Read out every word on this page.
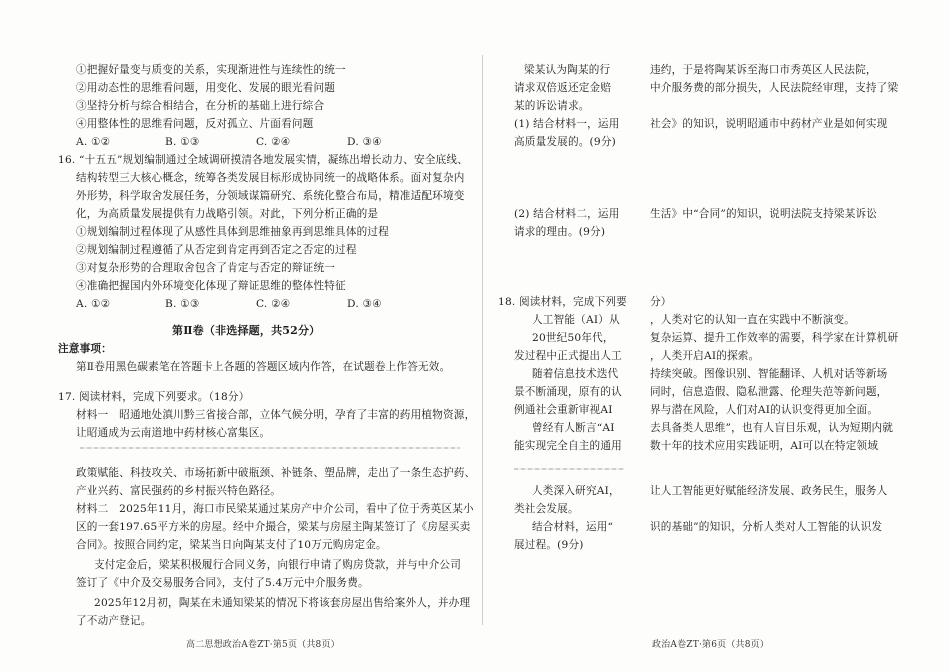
①把握好量变与质变的关系，实现渐进性与连续性的统一
②用动态性的思维看问题，用变化、发展的眼光看问题
③坚持分析与综合相结合，在分析的基础上进行综合
④用整体性的思维看问题，反对孤立、片面看问题
A. ①②	B. ①③	C. ②④	D. ③④
16. “十五五”规划编制通过全域调研摸清各地发展实情，凝练出增长动力、安全底线、
结构转型三大核心概念，统筹各类发展目标形成协同统一的战略体系。面对复杂内
外形势，科学取舍发展任务，分领域谋篇研究、系统化整合布局，精准适配环境变
化，为高质量发展提供有力战略引领。对此，下列分析正确的是
①规划编制过程体现了从感性具体到思维抽象再到思维具体的过程
②规划编制过程遵循了从否定到肯定再到否定之否定的过程
③对复杂形势的合理取舍包含了肯定与否定的辩证统一
④准确把握国内外环境变化体现了辩证思维的整体性特征
A. ①②	B. ①③	C. ②④	D. ③④
第Ⅱ卷（非选择题，共52分）
注意事项：
第Ⅱ卷用黑色碳素笔在答题卡上各题的答题区域内作答，在试题卷上作答无效。
17. 阅读材料，完成下列要求。（18分）
材料一　昭通地处滇川黔三省接合部，立体气候分明，孕育了丰富的药用植物资源，
让昭通成为云南道地中药材核心富集区。
政策赋能、科技攻关、市场拓新中破瓶颈、补链条、塑品牌，走出了一条生态护药、
产业兴药、富民强药的乡村振兴特色路径。
材料二　2025年11月，海口市民梁某通过某房产中介公司，看中了位于秀英区某小
区的一套197.65平方米的房屋。经中介撮合，梁某与房屋主陶某签订了《房屋买卖
合同》。按照合同约定，梁某当日向陶某支付了10万元购房定金。
支付定金后，梁某积极履行合同义务，向银行申请了购房贷款，并与中介公司
签订了《中介及交易服务合同》，支付了5.4万元中介服务费。
2025年12月初，陶某在未通知梁某的情况下将该套房屋出售给案外人，并办理
了不动产登记。
高二思想政治A卷ZT·第5页（共8页）
梁某认为陶某的行
请求双倍返还定金赔
某的诉讼请求。
(1) 结合材料一，运用
高质量发展的。(9分)
(2) 结合材料二，运用
请求的理由。(9分)
18. 阅读材料，完成下列要
人工智能（AI）从
20世纪50年代，
发过程中正式提出人工
随着信息技术迭代
景不断涌现，原有的认
例通社会重新审视AI
曾经有人断言“AI
能实现完全自主的通用
人类深入研究AI，
类社会发展。
结合材料，运用“
展过程。(9分)
违约，于是将陶某诉至海口市秀英区人民法院，
中介服务费的部分损失，人民法院经审理，支持了梁
社会》的知识，说明昭通市中药材产业是如何实现
生活》中“合同”的知识，说明法院支持梁某诉讼
分）
，人类对它的认知一直在实践中不断演变。
复杂运算、提升工作效率的需要，科学家在计算机研
，人类开启AI的探索。
持续突破。图像识别、智能翻译、人机对话等新场
同时，信息造假、隐私泄露、伦理失范等新问题，
界与潜在风险，人们对AI的认识变得更加全面。
去具备类人思维”，也有人盲目乐观，认为短期内就
数十年的技术应用实践证明，AI可以在特定领域
让人工智能更好赋能经济发展、政务民生，服务人
识的基础”的知识，分析人类对人工智能的认识发
政治A卷ZT·第6页（共8页）
